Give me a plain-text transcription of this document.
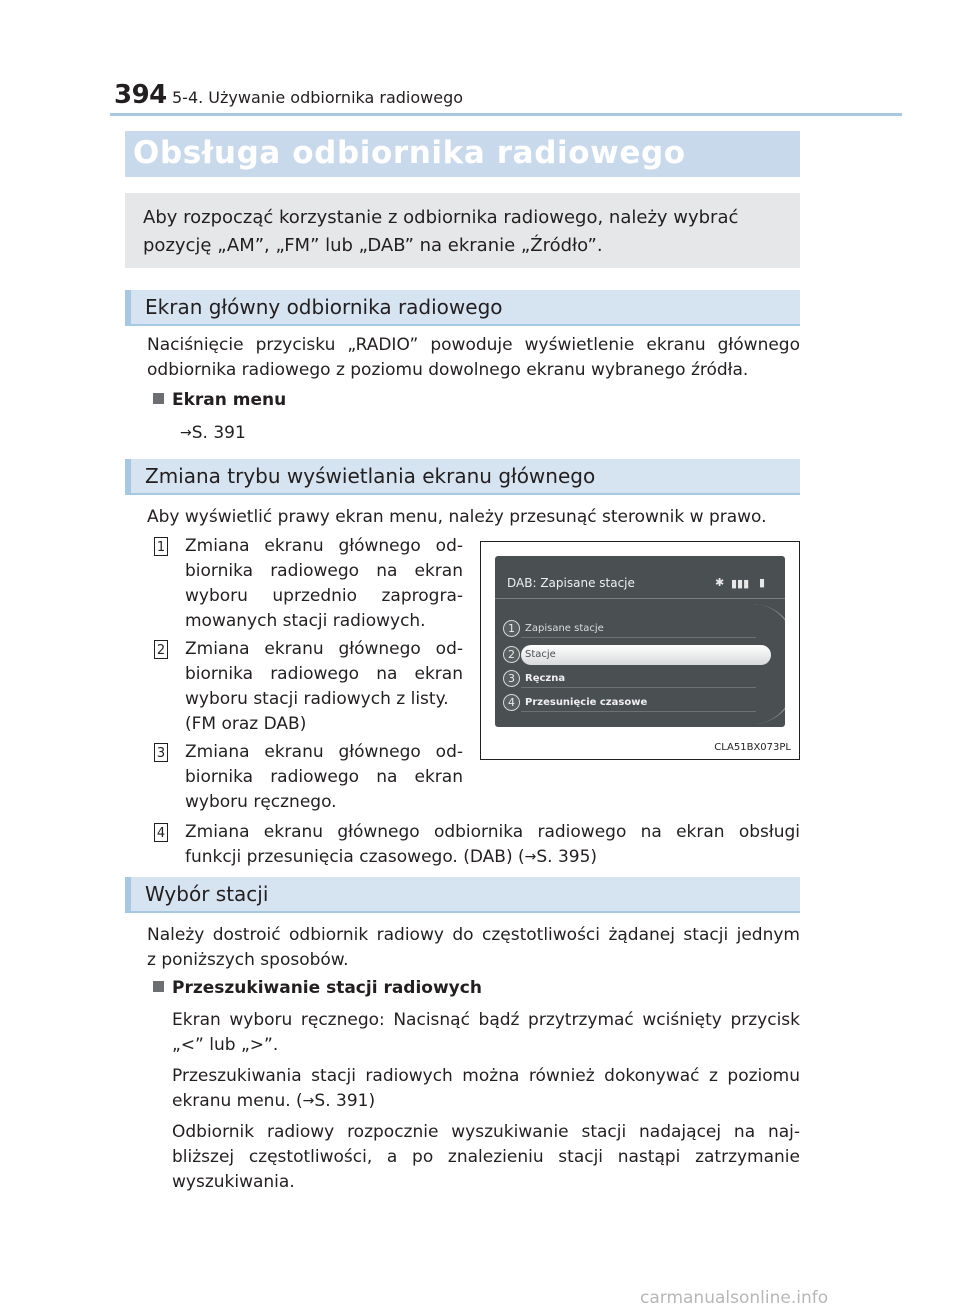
394 5-4. Używanie odbiornika radiowego
Obsługa odbiornika radiowego
Aby rozpocząć korzystanie z odbiornika radiowego, należy wybrać
pozycję „AM”, „FM” lub „DAB” na ekranie „Źródło”.
Ekran główny odbiornika radiowego
Naciśnięcie przycisku „RADIO” powoduje wyświetlenie ekranu głównego
odbiornika radiowego z poziomu dowolnego ekranu wybranego źródła.
Ekran menu
→S. 391
Zmiana trybu wyświetlania ekranu głównego
Aby wyświetlić prawy ekran menu, należy przesunąć sterownik w prawo.
1 Zmiana ekranu głównego od-
biornika radiowego na ekran
wyboru uprzednio zaprogra-
mowanych stacji radiowych.
2 Zmiana ekranu głównego od-
biornika radiowego na ekran
wyboru stacji radiowych z listy.
(FM oraz DAB)
3 Zmiana ekranu głównego od-
biornika radiowego na ekran
wyboru ręcznego.
4 Zmiana ekranu głównego odbiornika radiowego na ekran obsługi
funkcji przesunięcia czasowego. (DAB) (→S. 395)
DAB: Zapisane stacje	✱ ▮▮▮ ▮
1	Zapisane stacje
2	Stacje
3	Ręczna
4	Przesunięcie czasowe
CLA51BX073PL
Wybór stacji
Należy dostroić odbiornik radiowy do częstotliwości żądanej stacji jednym
z poniższych sposobów.
Przeszukiwanie stacji radiowych
Ekran wyboru ręcznego: Nacisnąć bądź przytrzymać wciśnięty przycisk
„<” lub „>”.
Przeszukiwania stacji radiowych można również dokonywać z poziomu
ekranu menu. (→S. 391)
Odbiornik radiowy rozpocznie wyszukiwanie stacji nadającej na naj-
bliższej częstotliwości, a po znalezieniu stacji nastąpi zatrzymanie
wyszukiwania.
carmanualsonline.info
